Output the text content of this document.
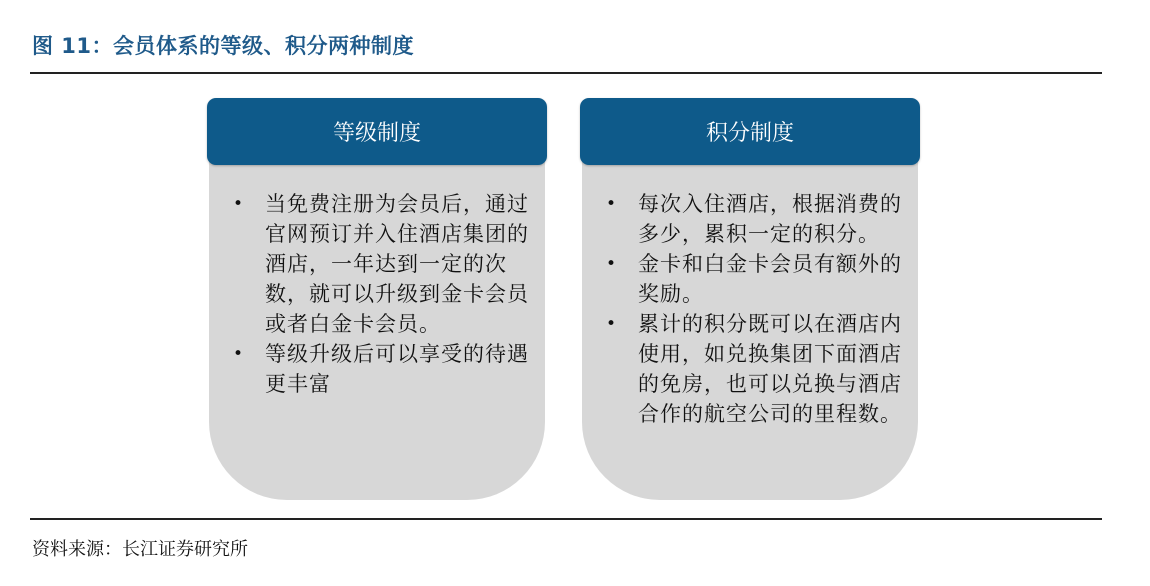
图 11：会员体系的等级、积分两种制度
等级制度
• 当免费注册为会员后，通过官网预订并入住酒店集团的酒店，一年达到一定的次数，就可以升级到金卡会员或者白金卡会员。
• 等级升级后可以享受的待遇更丰富
积分制度
• 每次入住酒店，根据消费的多少，累积一定的积分。
• 金卡和白金卡会员有额外的奖励。
• 累计的积分既可以在酒店内使用，如兑换集团下面酒店的免房，也可以兑换与酒店合作的航空公司的里程数。
资料来源：长江证券研究所
